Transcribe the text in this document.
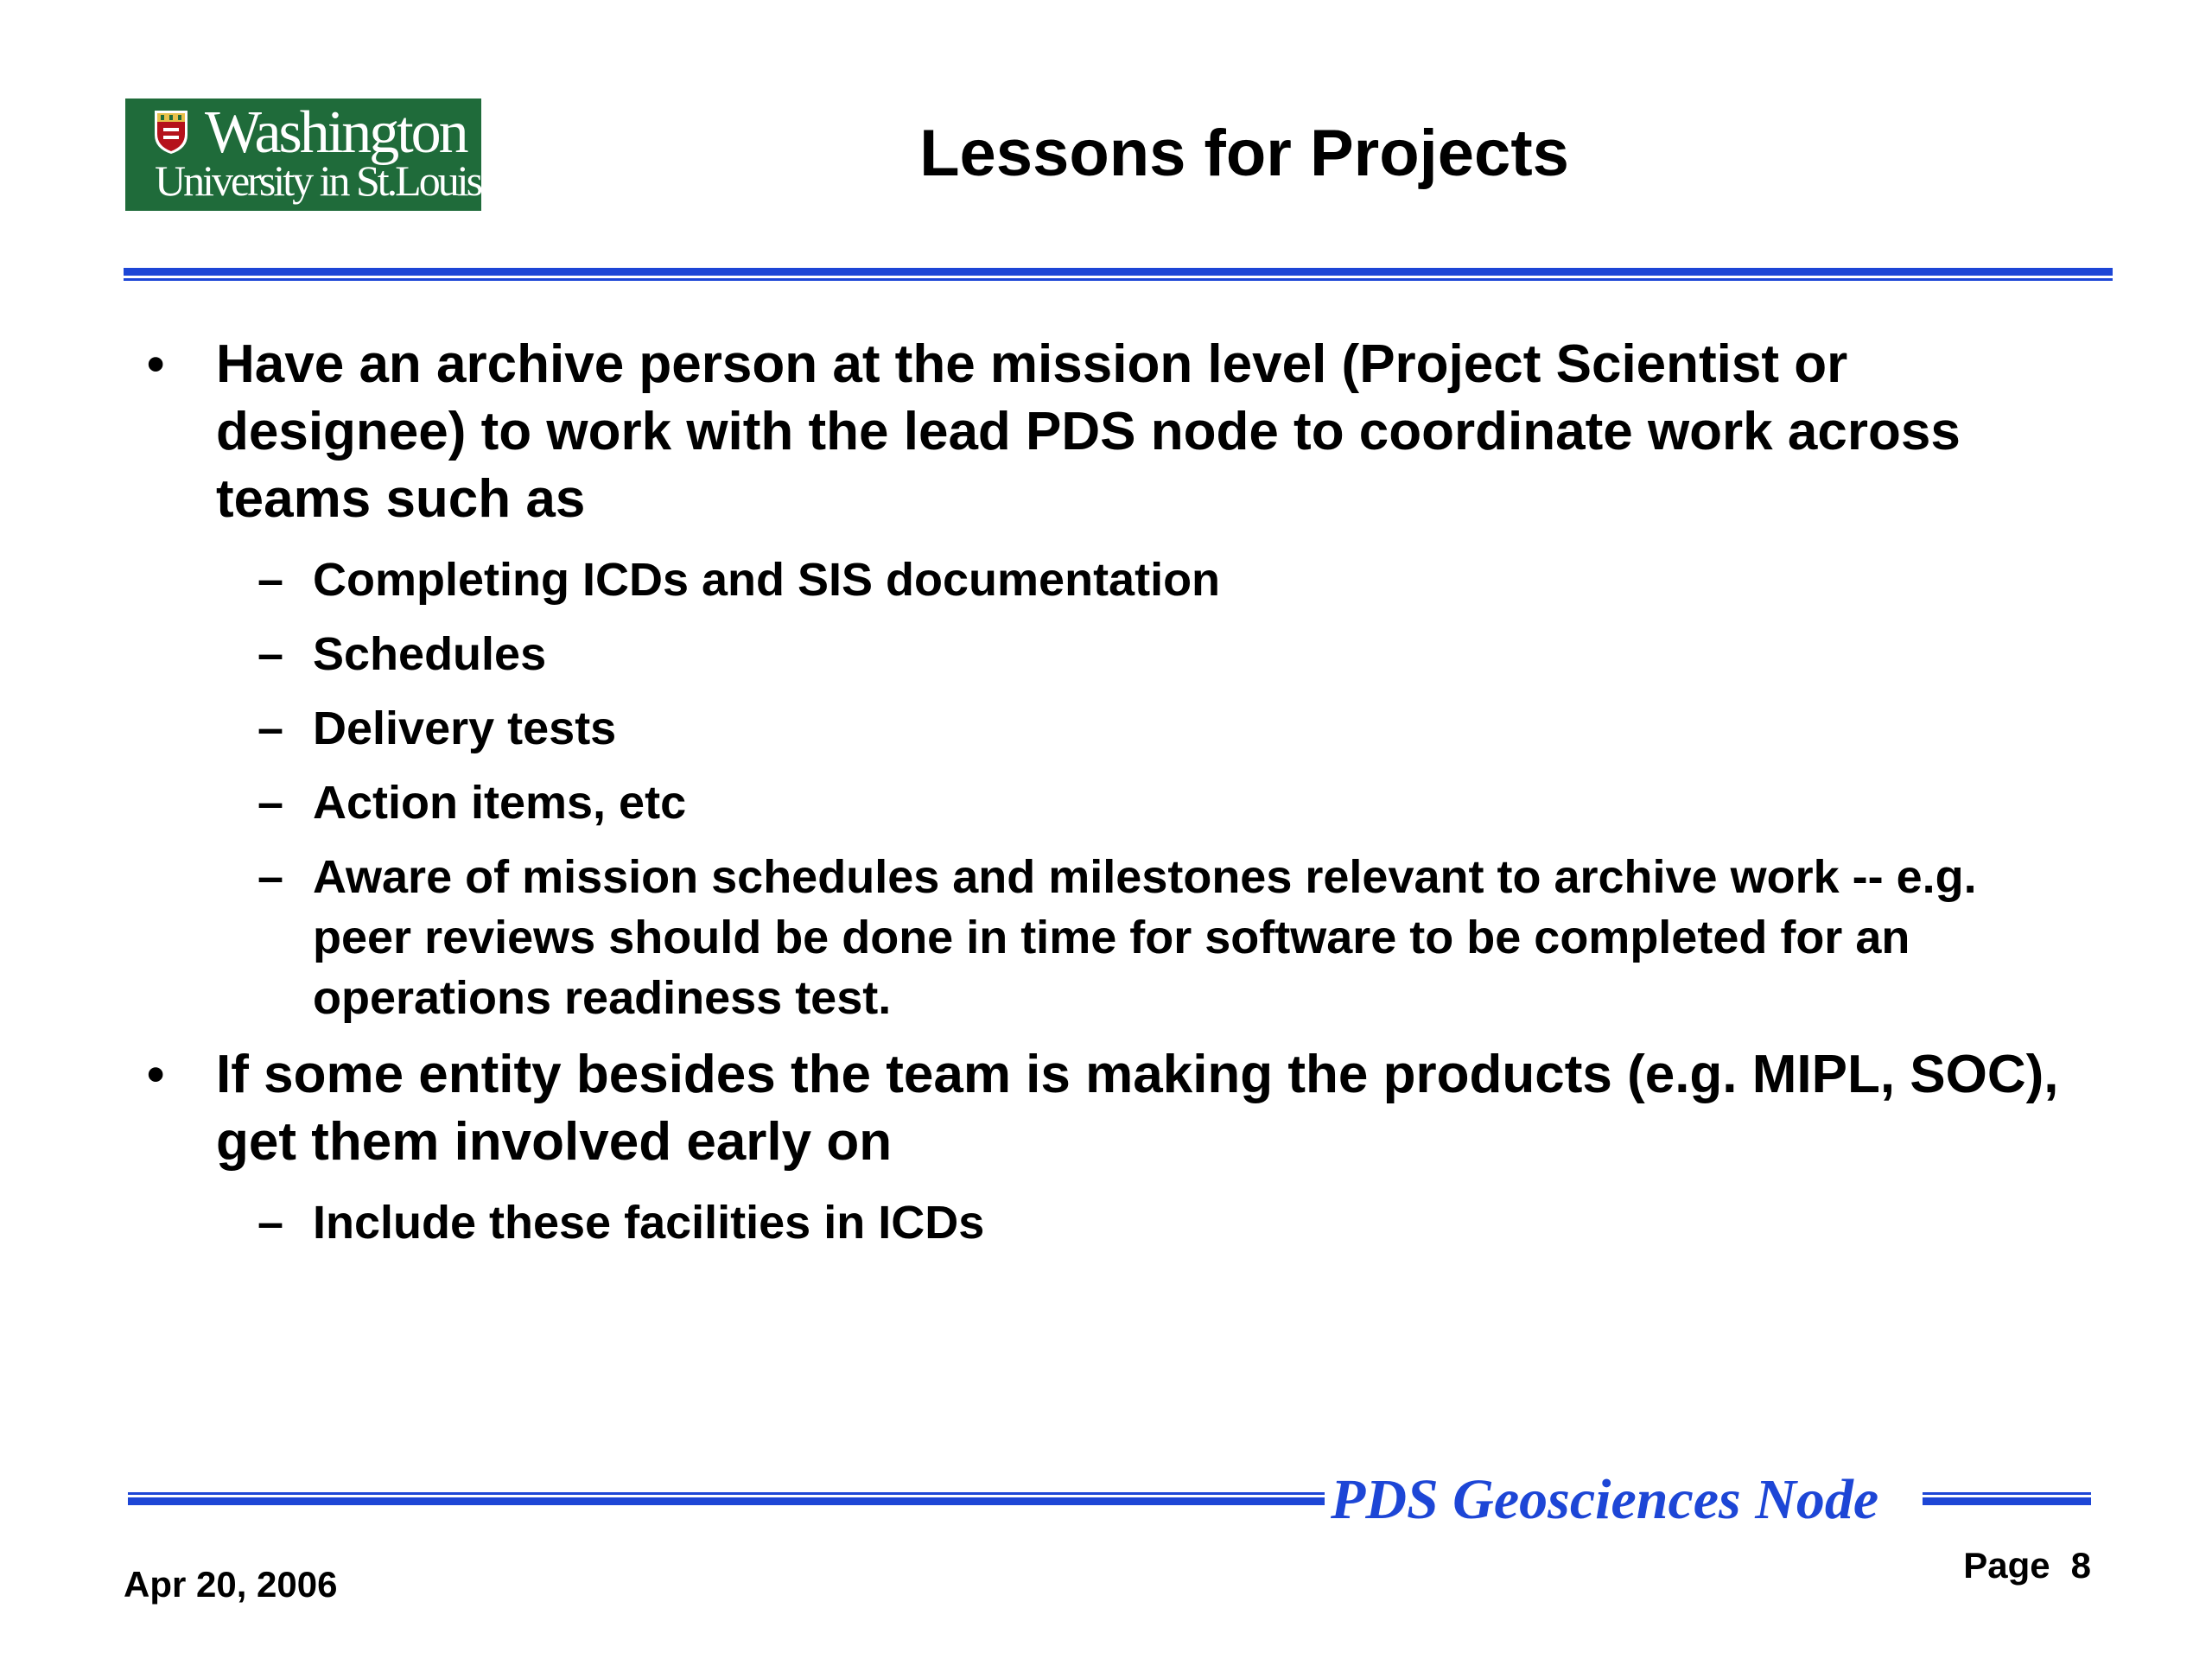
Washington
University in St.Louis	Lessons for Projects
• Have an archive person at the mission level (Project Scientist or designee) to work with the lead PDS node to coordinate work across teams such as
– Completing ICDs and SIS documentation
– Schedules
– Delivery tests
– Action items, etc
– Aware of mission schedules and milestones relevant to archive work -- e.g. peer reviews should be done in time for software to be completed for an operations readiness test.
• If some entity besides the team is making the products (e.g. MIPL, SOC), get them involved early on
– Include these facilities in ICDs
PDS Geosciences Node
Apr 20, 2006	Page 8
